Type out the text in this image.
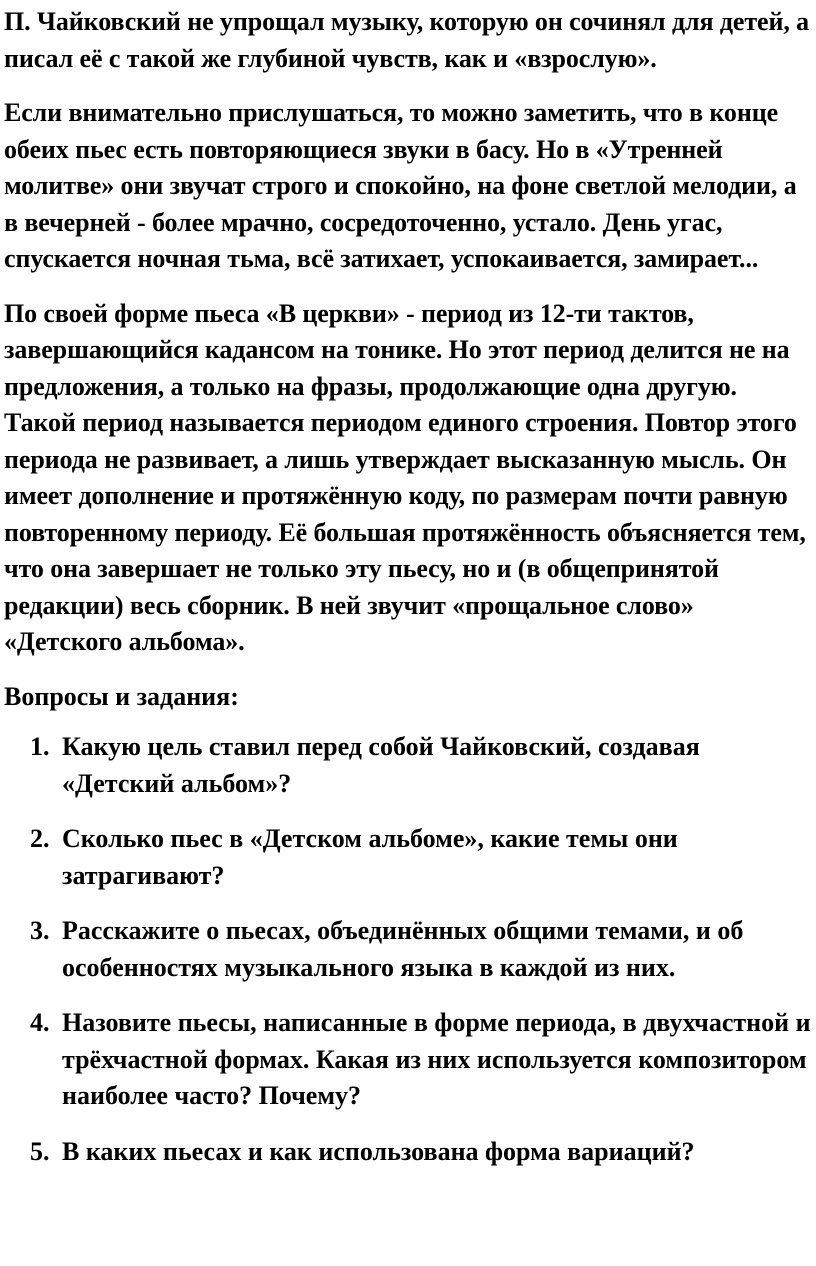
П. Чайковский не упрощал музыку, которую он сочинял для детей, а писал её с такой же глубиной чувств, как и «взрослую».

Если внимательно прислушаться, то можно заметить, что в конце обеих пьес есть повторяющиеся звуки в басу. Но в «Утренней молитве» они звучат строго и спокойно, на фоне светлой мелодии, а в вечерней - более мрачно, сосредоточенно, устало. День угас, спускается ночная тьма, всё затихает, успокаивается, замирает...

По своей форме пьеса «В церкви» - период из 12-ти тактов, завершающийся кадансом на тонике. Но этот период делится не на предложения, а только на фразы, продолжающие одна другую. Такой период называется периодом единого строения. Повтор этого периода не развивает, а лишь утверждает высказанную мысль. Он имеет дополнение и протяжённую коду, по размерам почти равную повторенному периоду. Её большая протяжённость объясняется тем, что она завершает не только эту пьесу, но и (в общепринятой редакции) весь сборник. В ней звучит «прощальное слово» «Детского альбома».

Вопросы и задания:

1. Какую цель ставил перед собой Чайковский, создавая «Детский альбом»?
2. Сколько пьес в «Детском альбоме», какие темы они затрагивают?
3. Расскажите о пьесах, объединённых общими темами, и об особенностях музыкального языка в каждой из них.
4. Назовите пьесы, написанные в форме периода, в двухчастной и трёхчастной формах. Какая из них используется композитором наиболее часто? Почему?
5. В каких пьесах и как использована форма вариаций?
